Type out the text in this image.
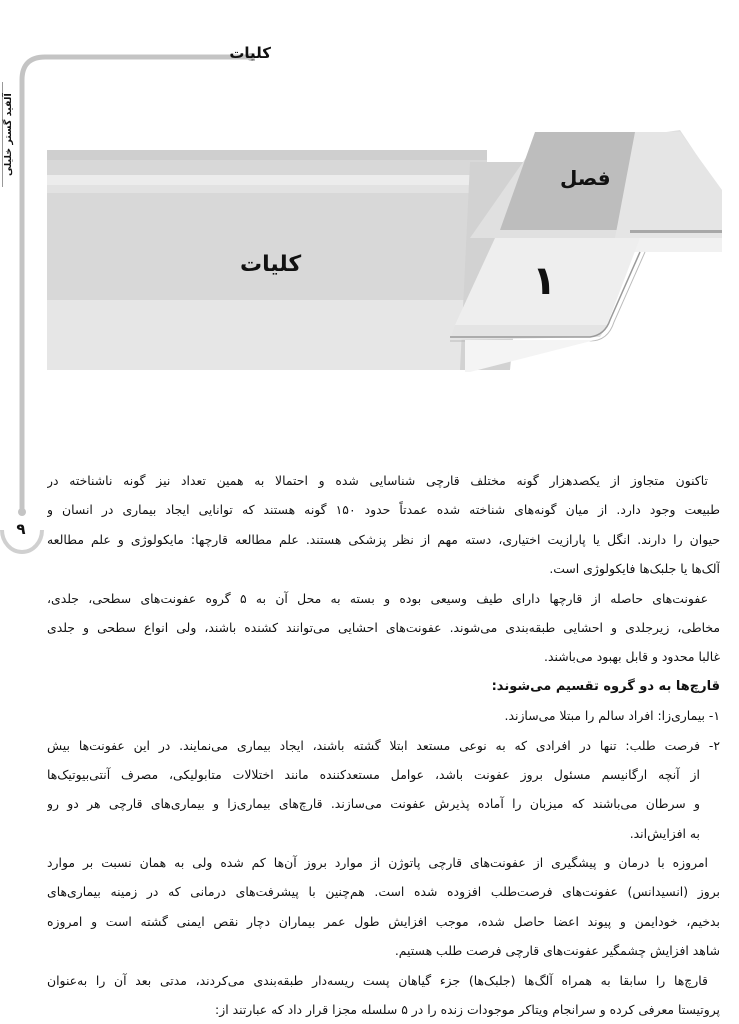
کلیات
آلفید گستر خلیلی
۹
فصل
۱
کلیات
تاکنون متجاوز از یکصدهزار گونه مختلف قارچی شناسایی شده و احتمالا به همین تعداد نیز گونه ناشناخته در
طبیعت وجود دارد. از میان گونه‌های شناخته شده عمدتاً حدود ۱۵۰ گونه هستند که توانایی ایجاد بیماری در انسان و
حیوان را دارند. انگل یا پارازیت اختیاری، دسته مهم از نظر پزشکی هستند. علم مطالعه قارچها: مایکولوژی و علم مطالعه
آلک‌ها یا جلبک‌ها فایکولوژی است.
عفونت‌های حاصله از قارچها دارای طیف وسیعی بوده و بسته به محل آن به ۵ گروه عفونت‌های سطحی، جلدی،
مخاطی، زیرجلدی و احشایی طبقه‌بندی می‌شوند. عفونت‌های احشایی می‌توانند کشنده باشند، ولی انواع سطحی و جلدی
غالبا محدود و قابل بهبود می‌باشند.
قارچ‌ها به دو گروه تقسیم می‌شوند:
۱- بیماری‌زا: افراد سالم را مبتلا می‌سازند.
۲- فرصت طلب: تنها در افرادی که به نوعی مستعد ابتلا گشته باشند، ایجاد بیماری می‌نمایند. در این عفونت‌ها بیش
از آنچه ارگانیسم مسئول بروز عفونت باشد، عوامل مستعدکننده مانند اختلالات متابولیکی، مصرف آنتی‌بیوتیک‌ها
و سرطان می‌باشند که میزبان را آماده پذیرش عفونت می‌سازند. قارچ‌های بیماری‌زا و بیماری‌های قارچی هر دو رو
به افزایش‌اند.
امروزه با درمان و پیشگیری از عفونت‌های قارچی پاتوژن از موارد بروز آن‌ها کم شده ولی به همان نسبت بر موارد
بروز (انسیدانس) عفونت‌های فرصت‌طلب افزوده شده است. هم‌چنین با پیشرفت‌های درمانی که در زمینه بیماری‌های
بدخیم، خودایمن و پیوند اعضا حاصل شده، موجب افزایش طول عمر بیماران دچار نقص ایمنی گشته است و امروزه
شاهد افزایش چشمگیر عفونت‌های قارچی فرصت طلب هستیم.
قارچ‌ها را سابقا به همراه آلگ‌ها (جلبک‌ها) جزء گیاهان پست ریسه‌دار طبقه‌بندی می‌کردند، مدتی بعد آن را به‌عنوان
پروتیستا معرفی کرده و سرانجام ویتاکر موجودات زنده را در ۵ سلسله مجزا قرار داد که عبارتند از:
